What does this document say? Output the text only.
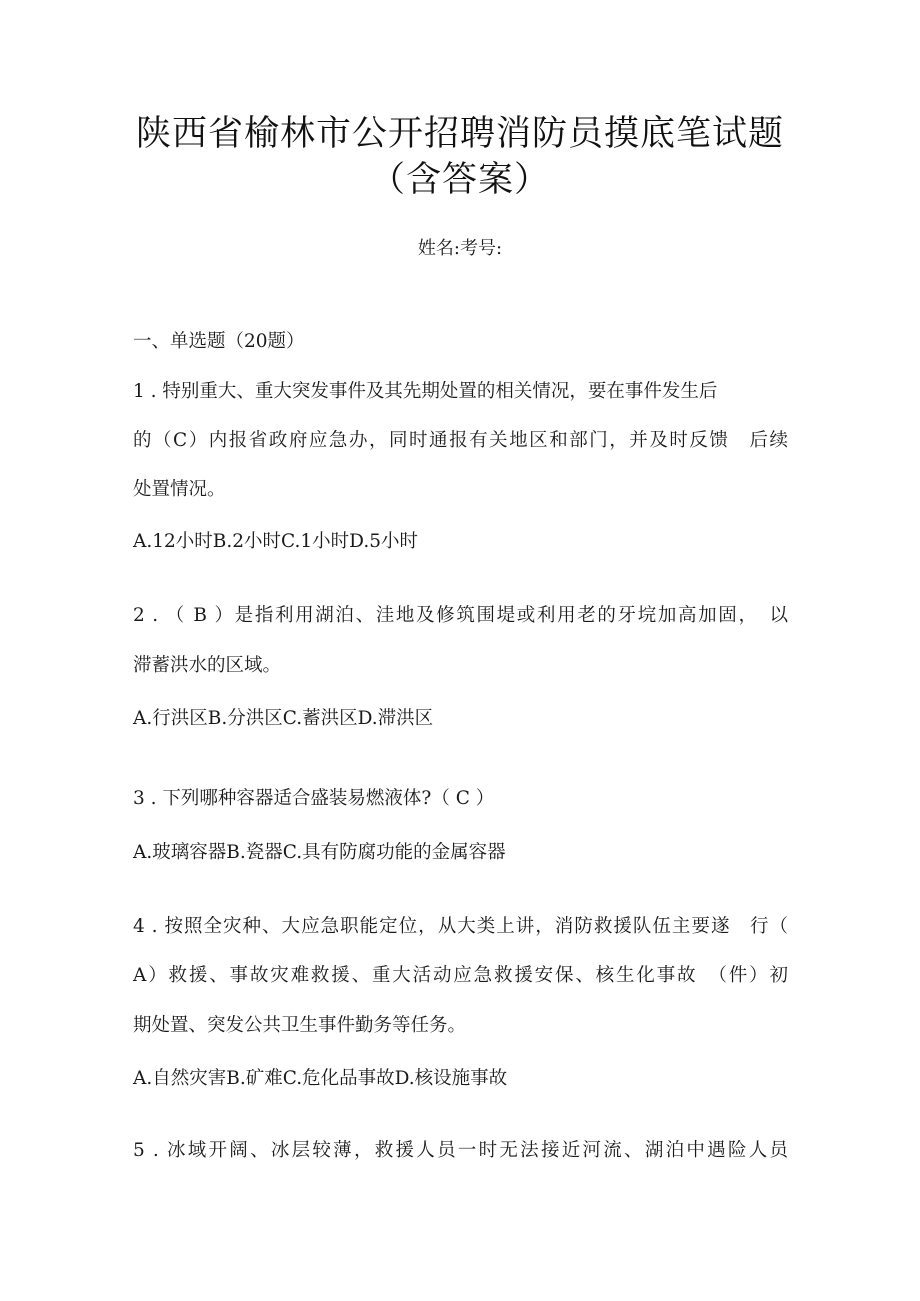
陕西省榆林市公开招聘消防员摸底笔试题
（含答案）
姓名:考号:
一、单选题（20题）
1 . 特别重大、重大突发事件及其先期处置的相关情况，要在事件发生后
的（C）内报省政府应急办，同时通报有关地区和部门，并及时反馈　后续
处置情况。
A.12小时B.2小时C.1小时D.5小时
2 . （ B ）是指利用湖泊、洼地及修筑围堤或利用老的牙垸加高加固，　以
滞蓄洪水的区域。
A.行洪区B.分洪区C.蓄洪区D.滞洪区
3 . 下列哪种容器适合盛装易燃液体?（ C ）
A.玻璃容器B.瓷器C.具有防腐功能的金属容器
4 . 按照全灾种、大应急职能定位，从大类上讲，消防救援队伍主要遂　行（
A）救援、事故灾难救援、重大活动应急救援安保、核生化事故　（件）初
期处置、突发公共卫生事件勤务等任务。
A.自然灾害B.矿难C.危化品事故D.核设施事故
5 . 冰域开阔、冰层较薄，救援人员一时无法接近河流、湖泊中遇险人员
